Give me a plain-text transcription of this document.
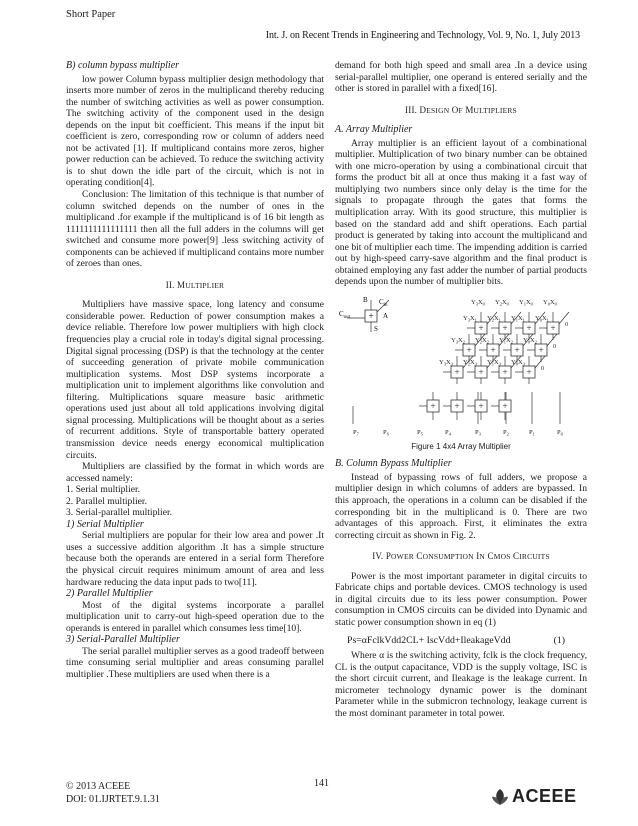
Short Paper
Int. J. on Recent Trends in Engineering and Technology, Vol. 9, No. 1, July 2013
B) column bypass multiplier

low power Column bypass multiplier design methodology that inserts more number of zeros in the multiplicand thereby reducing the number of switching activities as well as power consumption. The switching activity of the component used in the design depends on the input bit coefficient. This means if the input bit coefficient is zero, corresponding row or column of adders need not be activated [1]. If multiplicand contains more zeros, higher power reduction can be achieved. To reduce the switching activity is to shut down the idle part of the circuit, which is not in operating condition[4].

Conclusion: The limitation of this technique is that number of column switched depends on the number of ones in the multiplicand .for example if the multiplicand is of 16 bit length as 1111111111111111 then all the full adders in the columns will get switched and consume more power[9] .less switching activity of components can be achieved if multiplicand contains more number of zeroes than ones.

II. MULTIPLIER

Multipliers have massive space, long latency and consume considerable power. Reduction of power consumption makes a device reliable. Therefore low power multipliers with high clock frequencies play a crucial role in today's digital signal processing. Digital signal processing (DSP) is that the technology at the center of succeeding generation of private mobile communication multiplication systems. Most DSP systems incorporate a multiplication unit to implement algorithms like convolution and filtering. Multiplications square measure basic arithmetic operations used just about all told applications involving digital signal processing. Multiplications will be thought about as a series of recurrent additions. Style of transportable battery operated transmission device needs energy economical multiplication circuits.

Multipliers are classified by the format in which words are accessed namely:

1. Serial multiplier.
2. Parallel multiplier.
3. Serial-parallel multiplier.
1) Serial Multiplier

Serial multipliers are popular for their low area and power .It uses a successive addition algorithm .It has a simple structure because both the operands are entered in a serial form Therefore the physical circuit requires minimum amount of area and less hardware reducing the data input pads to two[11].

2) Parallel Multiplier

Most of the digital systems incorporate a parallel multiplication unit to carry-out high-speed operation due to the operands is entered in parallel which consumes less time[10].

3) Serial-Parallel Multiplier

The serial parallel multiplier serves as a good tradeoff between time consuming serial multiplier and areas consuming parallel multiplier .These multipliers are used when there is a

demand for both high speed and small area .In a device using serial-parallel multiplier, one operand is entered serially and the other is stored in parallel with a fixed[16].

III. DESIGN OF MULTIPLIERS
A. Array Multiplier

Array multiplier is an efficient layout of a combinational multiplier. Multiplication of two binary number can be obtained with one micro-operation by using a combinational circuit that forms the product bit all at once thus making it a fast way of multiplying two numbers since only delay is the time for the signals to propagate through the gates that forms the multiplication array. With its good structure, this multiplier is based on the standard add and shift operations. Each partial product is generated by taking into account the multiplicand and one bit of multiplier each time. The impending addition is carried out by high-speed carry-save algorithm and the final product is obtained employing any fast adder the number of partial products depends upon the number of multiplier bits.

+ + + +
+ + + +
+ + + +
+ + + +
$Y_3X_0$ $Y_2X_0$ $Y_1X_0$ $Y_0X_0$
$Y_3X_1$ $Y_2X_1$ $Y_1X_1$ $Y_0X_1$
0
$Y_3X_2$ $Y_2X_2$ $Y_1X_2$ $Y_0X_2$
0
$Y_3X_3$ $Y_2X_3$ $Y_1X_3$ $Y_0X_3$
0
$P_7$	$P_6$	$P_5$	$P_4$	$P_3$	$P_2$	$P_1$	$P_0$
+
B $C_{in}$
A
$C_{out}$
S
Figure 1 4x4 Array Multiplier
B. Column Bypass Multiplier

Instead of bypassing rows of full adders, we propose a multiplier design in which columns of adders are bypassed. In this approach, the operations in a column can be disabled if the corresponding bit in the multiplicand is 0. There are two advantages of this approach. First, it eliminates the extra correcting circuit as shown in Fig. 2.

IV. POWER CONSUMPTION IN CMOS CIRCUITS

Power is the most important parameter in digital circuits to Fabricate chips and portable devices. CMOS technology is used in digital circuits due to its less power consumption. Power consumption in CMOS circuits can be divided into Dynamic and static power consumption shown in eq (1)

Ps=αFclkVdd2CL+ IscVdd+IleakageVdd	(1)

Where α is the switching activity, fclk is the clock frequency, CL is the output capacitance, VDD is the supply voltage, ISC is the short circuit current, and Ileakage is the leakage current. In micrometer technology dynamic power is the dominant Parameter while in the submicron technology, leakage current is the most dominant parameter in total power.

141
© 2013 ACEEE
DOI: 01.IJRTET.9.1.31	ACEEE
